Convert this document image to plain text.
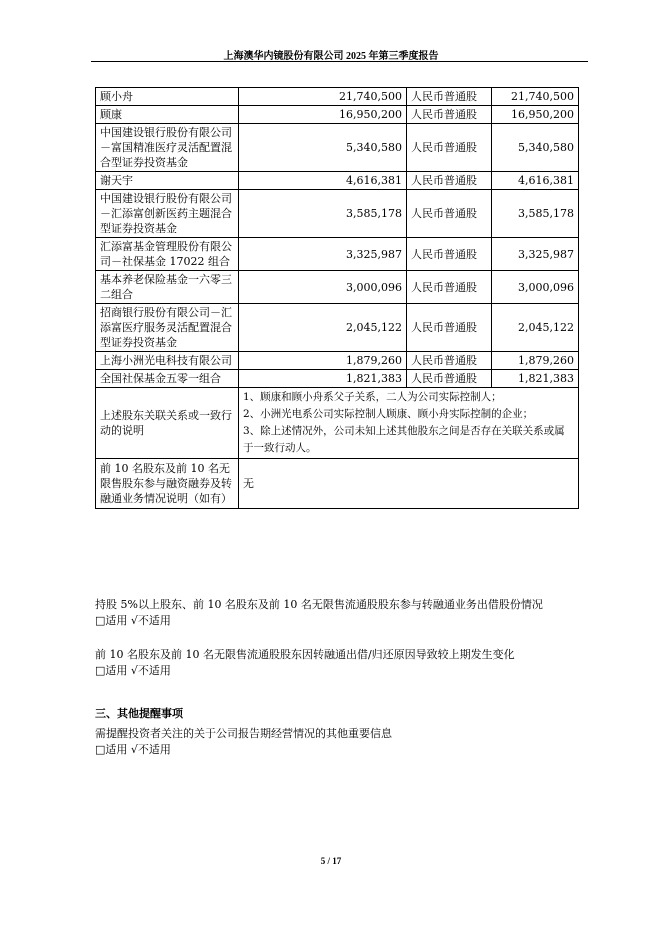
上海澳华内镜股份有限公司 2025 年第三季度报告
顾小舟	21,740,500	人民币普通股	21,740,500
顾康	16,950,200	人民币普通股	16,950,200
中国建设银行股份有限公司－富国精准医疗灵活配置混合型证券投资基金	5,340,580	人民币普通股	5,340,580
谢天宇	4,616,381	人民币普通股	4,616,381
中国建设银行股份有限公司－汇添富创新医药主题混合型证券投资基金	3,585,178	人民币普通股	3,585,178
汇添富基金管理股份有限公司－社保基金 17022 组合	3,325,987	人民币普通股	3,325,987
基本养老保险基金一六零三二组合	3,000,096	人民币普通股	3,000,096
招商银行股份有限公司－汇添富医疗服务灵活配置混合型证券投资基金	2,045,122	人民币普通股	2,045,122
上海小洲光电科技有限公司	1,879,260	人民币普通股	1,879,260
全国社保基金五零一组合	1,821,383	人民币普通股	1,821,383
上述股东关联关系或一致行动的说明	1、顾康和顾小舟系父子关系，二人为公司实际控制人；
2、小洲光电系公司实际控制人顾康、顾小舟实际控制的企业；
3、除上述情况外，公司未知上述其他股东之间是否存在关联关系或属于一致行动人。		

前 10 名股东及前 10 名无限售股东参与融资融券及转融通业务情况说明（如有）	无		
持股 5%以上股东、前 10 名股东及前 10 名无限售流通股股东参与转融通业务出借股份情况
□适用 √不适用
前 10 名股东及前 10 名无限售流通股股东因转融通出借/归还原因导致较上期发生变化
□适用 √不适用
三、其他提醒事项
需提醒投资者关注的关于公司报告期经营情况的其他重要信息
□适用 √不适用
5 / 17
